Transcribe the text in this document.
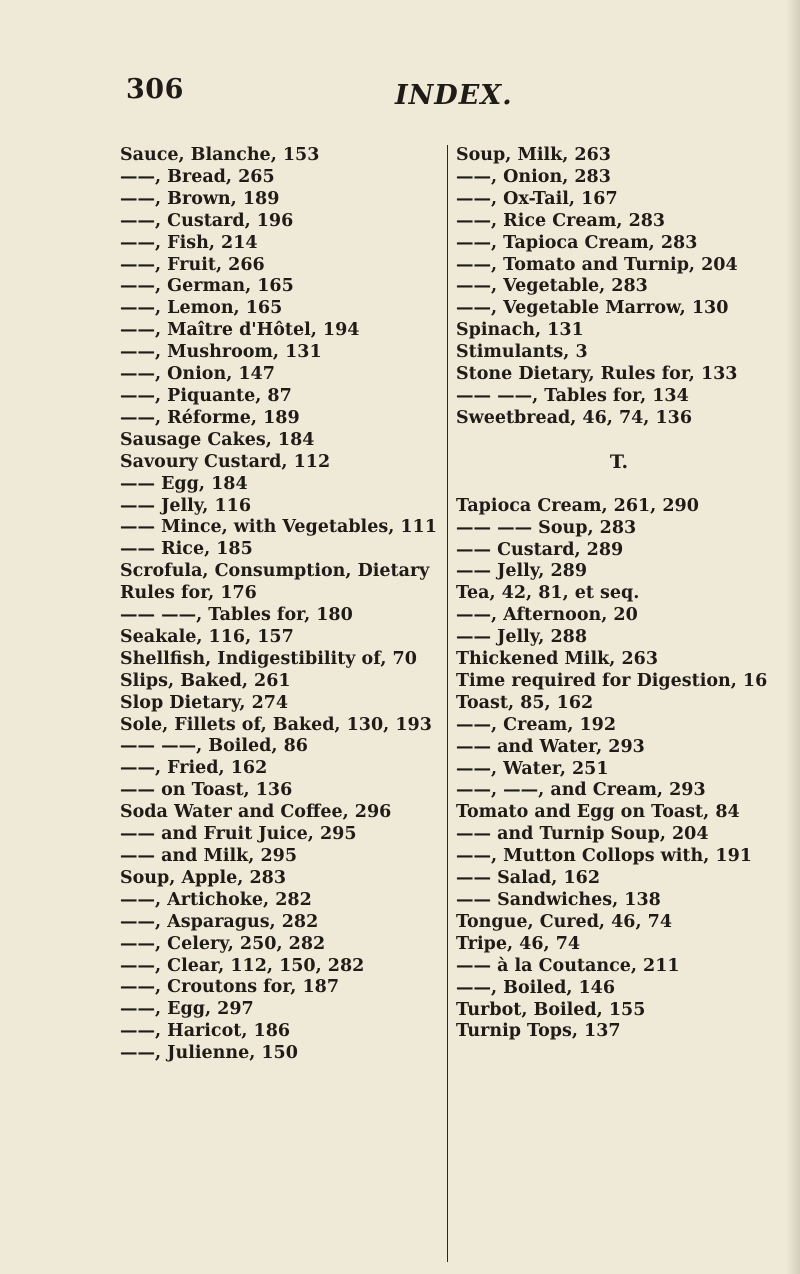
306	INDEX.
Sauce, Blanche, 153
——, Bread, 265
——, Brown, 189
——, Custard, 196
——, Fish, 214
——, Fruit, 266
——, German, 165
——, Lemon, 165
——, Maître d'Hôtel, 194
——, Mushroom, 131
——, Onion, 147
——, Piquante, 87
——, Réforme, 189
Sausage Cakes, 184
Savoury Custard, 112
—— Egg, 184
—— Jelly, 116
—— Mince, with Vegetables, 111
—— Rice, 185
Scrofula, Consumption, Dietary Rules for, 176
—— ——, Tables for, 180
Seakale, 116, 157
Shellfish, Indigestibility of, 70
Slips, Baked, 261
Slop Dietary, 274
Sole, Fillets of, Baked, 130, 193
—— ——, Boiled, 86
——, Fried, 162
—— on Toast, 136
Soda Water and Coffee, 296
—— and Fruit Juice, 295
—— and Milk, 295
Soup, Apple, 283
——, Artichoke, 282
——, Asparagus, 282
——, Celery, 250, 282
——, Clear, 112, 150, 282
——, Croutons for, 187
——, Egg, 297
——, Haricot, 186
——, Julienne, 150
Soup, Milk, 263
——, Onion, 283
——, Ox-Tail, 167
——, Rice Cream, 283
——, Tapioca Cream, 283
——, Tomato and Turnip, 204
——, Vegetable, 283
——, Vegetable Marrow, 130
Spinach, 131
Stimulants, 3
Stone Dietary, Rules for, 133
—— ——, Tables for, 134
Sweetbread, 46, 74, 136
T.
Tapioca Cream, 261, 290
—— —— Soup, 283
—— Custard, 289
—— Jelly, 289
Tea, 42, 81, et seq.
——, Afternoon, 20
—— Jelly, 288
Thickened Milk, 263
Time required for Digestion, 16
Toast, 85, 162
——, Cream, 192
—— and Water, 293
——, Water, 251
——, ——, and Cream, 293
Tomato and Egg on Toast, 84
—— and Turnip Soup, 204
——, Mutton Collops with, 191
—— Salad, 162
—— Sandwiches, 138
Tongue, Cured, 46, 74
Tripe, 46, 74
—— à la Coutance, 211
——, Boiled, 146
Turbot, Boiled, 155
Turnip Tops, 137
